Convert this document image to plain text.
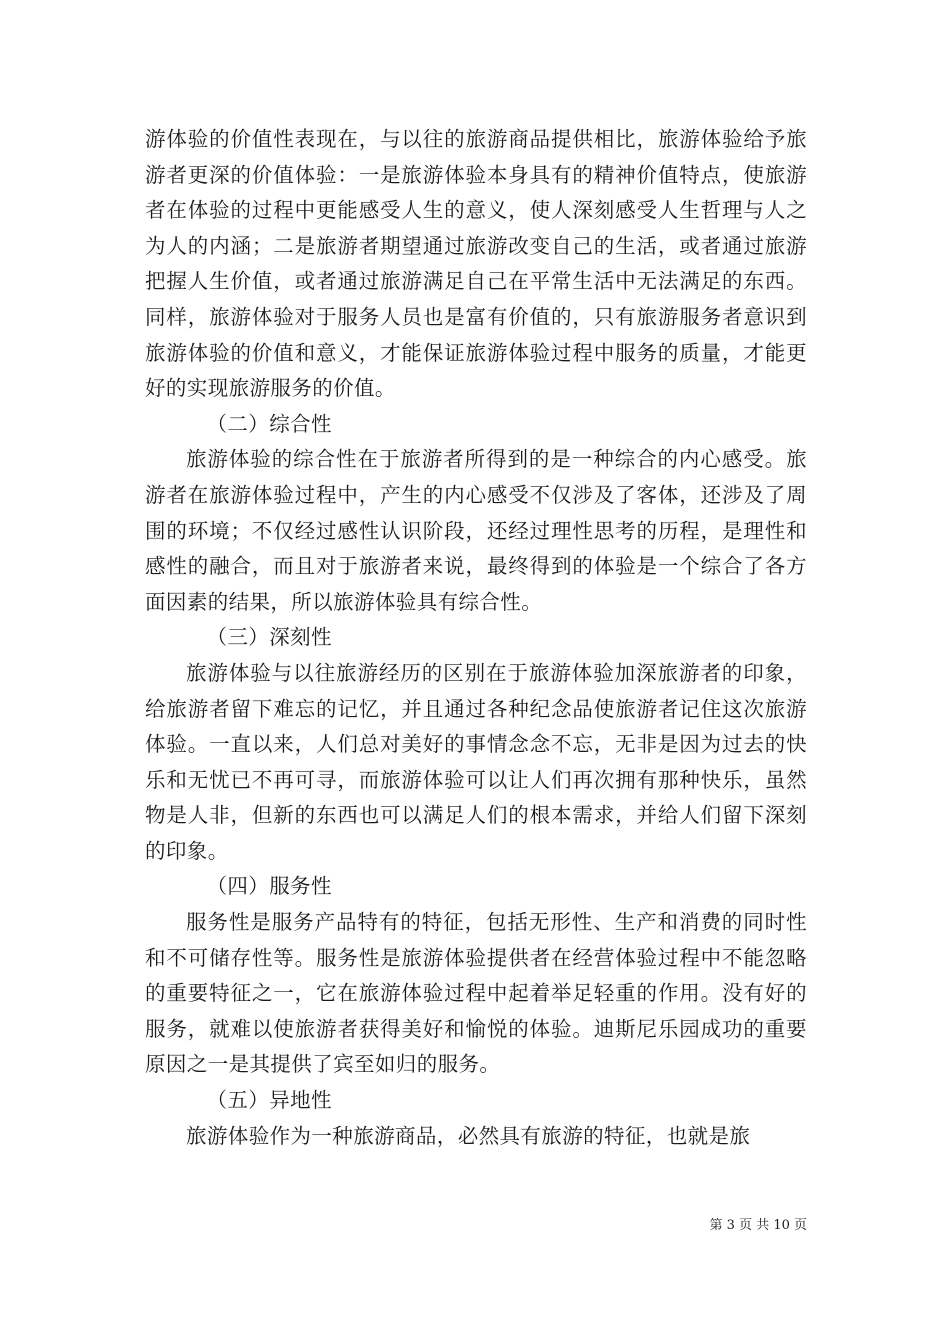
游体验的价值性表现在，与以往的旅游商品提供相比，旅游体验给予旅游者更深的价值体验：一是旅游体验本身具有的精神价值特点，使旅游者在体验的过程中更能感受人生的意义，使人深刻感受人生哲理与人之为人的内涵；二是旅游者期望通过旅游改变自己的生活，或者通过旅游把握人生价值，或者通过旅游满足自己在平常生活中无法满足的东西。同样，旅游体验对于服务人员也是富有价值的，只有旅游服务者意识到旅游体验的价值和意义，才能保证旅游体验过程中服务的质量，才能更好的实现旅游服务的价值。

（二）综合性

旅游体验的综合性在于旅游者所得到的是一种综合的内心感受。旅游者在旅游体验过程中，产生的内心感受不仅涉及了客体，还涉及了周围的环境；不仅经过感性认识阶段，还经过理性思考的历程，是理性和感性的融合，而且对于旅游者来说，最终得到的体验是一个综合了各方面因素的结果，所以旅游体验具有综合性。

（三）深刻性

旅游体验与以往旅游经历的区别在于旅游体验加深旅游者的印象，给旅游者留下难忘的记忆，并且通过各种纪念品使旅游者记住这次旅游体验。一直以来，人们总对美好的事情念念不忘，无非是因为过去的快乐和无忧已不再可寻，而旅游体验可以让人们再次拥有那种快乐，虽然物是人非，但新的东西也可以满足人们的根本需求，并给人们留下深刻的印象。

（四）服务性

服务性是服务产品特有的特征，包括无形性、生产和消费的同时性和不可储存性等。服务性是旅游体验提供者在经营体验过程中不能忽略的重要特征之一，它在旅游体验过程中起着举足轻重的作用。没有好的服务，就难以使旅游者获得美好和愉悦的体验。迪斯尼乐园成功的重要原因之一是其提供了宾至如归的服务。

（五）异地性

旅游体验作为一种旅游商品，必然具有旅游的特征，也就是旅

第 3 页 共 10 页
